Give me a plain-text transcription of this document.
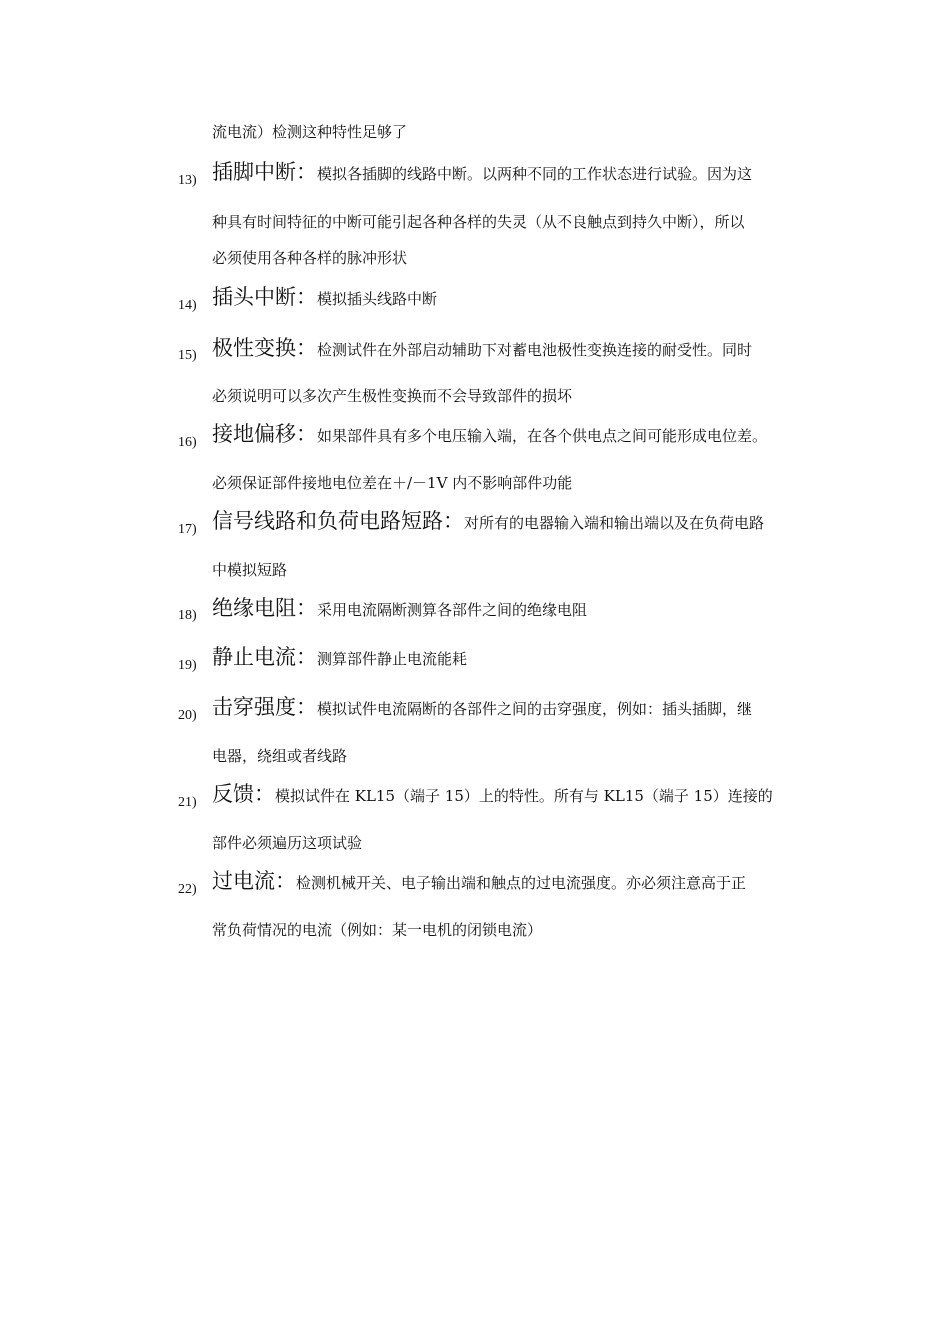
流电流）检测这种特性足够了
13) 插脚中断：模拟各插脚的线路中断。以两种不同的工作状态进行试验。因为这
种具有时间特征的中断可能引起各种各样的失灵（从不良触点到持久中断），所以
必须使用各种各样的脉冲形状
14) 插头中断：模拟插头线路中断
15) 极性变换：检测试件在外部启动辅助下对蓄电池极性变换连接的耐受性。同时
必须说明可以多次产生极性变换而不会导致部件的损坏
16) 接地偏移：如果部件具有多个电压输入端，在各个供电点之间可能形成电位差。
必须保证部件接地电位差在＋/－1V 内不影响部件功能
17) 信号线路和负荷电路短路：对所有的电器输入端和输出端以及在负荷电路
中模拟短路
18) 绝缘电阻：采用电流隔断测算各部件之间的绝缘电阻
19) 静止电流：测算部件静止电流能耗
20) 击穿强度：模拟试件电流隔断的各部件之间的击穿强度，例如：插头插脚，继
电器，绕组或者线路
21) 反馈：模拟试件在 KL15（端子 15）上的特性。所有与 KL15（端子 15）连接的
部件必须遍历这项试验
22) 过电流：检测机械开关、电子输出端和触点的过电流强度。亦必须注意高于正
常负荷情况的电流（例如：某一电机的闭锁电流）
